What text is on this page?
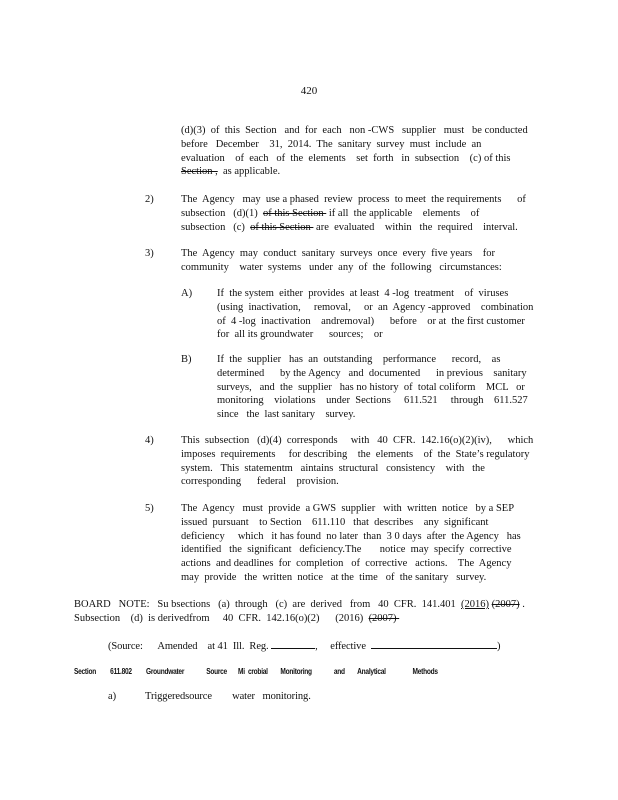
420
(d)(3)  of  this  Section   and  for  each   non -CWS   supplier   must   be conducted
before   December    31,  2014.  The  sanitary  survey  must  include  an
evaluation    of  each   of  the  elements    set  forth   in  subsection    (c) of this
Section ,  as applicable.
2)	The  Agency   may  use a phased  review  process  to meet  the requirements      of
subsection   (d)(1)  of this Section  if all  the applicable    elements    of
subsection   (c)  of this Section  are  evaluated    within   the  required    interval.
3)	The  Agency  may  conduct  sanitary  surveys  once  every  five years    for
community    water  systems   under  any  of  the  following   circumstances:
A) If  the system  either  provides  at least  4 -log  treatment    of  viruses
(using  inactivation,     removal,     or  an  Agency -approved    combination
of  4 -log  inactivation    andremoval)      before    or at  the first customer
for  all its groundwater      sources;    or
B) If  the  supplier   has  an  outstanding    performance      record,    as
determined      by the Agency   and  documented      in previous    sanitary
surveys,   and  the  supplier   has no history  of  total coliform    MCL   or
monitoring    violations    under  Sections     611.521     through    611.527
since   the  last sanitary    survey.
4)	This  subsection   (d)(4)  corresponds     with   40  CFR.  142.16(o)(2)(iv),      which
imposes  requirements     for describing    the  elements    of  the  State’s regulatory
system.   This  statementm   aintains  structural   consistency    with   the
corresponding      federal    provision.
5)	The  Agency   must  provide  a GWS  supplier   with  written  notice   by a SEP
issued  pursuant    to Section    611.110   that  describes    any  significant
deficiency     which   it has found  no later  than  3 0 days  after  the Agency   has
identified   the  significant   deficiency.The       notice  may  specify  corrective
actions  and deadlines  for  completion   of  corrective   actions.    The  Agency
may  provide   the  written  notice   at the  time   of  the sanitary   survey.
BOARD   NOTE:   Su bsections   (a)  through   (c)  are  derived   from   40  CFR.  141.401  (2016) (2007) .
Subsection    (d)  is derivedfrom     40  CFR.  142.16(o)(2)      (2016)  (2007)
(Source:      Amended    at 41  Ill.  Reg.	, effective	)
Section 611.802 Groundwater	Source Mi  crobial Monitoring	and Analytical	Methods
a)	Triggeredsource        water   monitoring.
